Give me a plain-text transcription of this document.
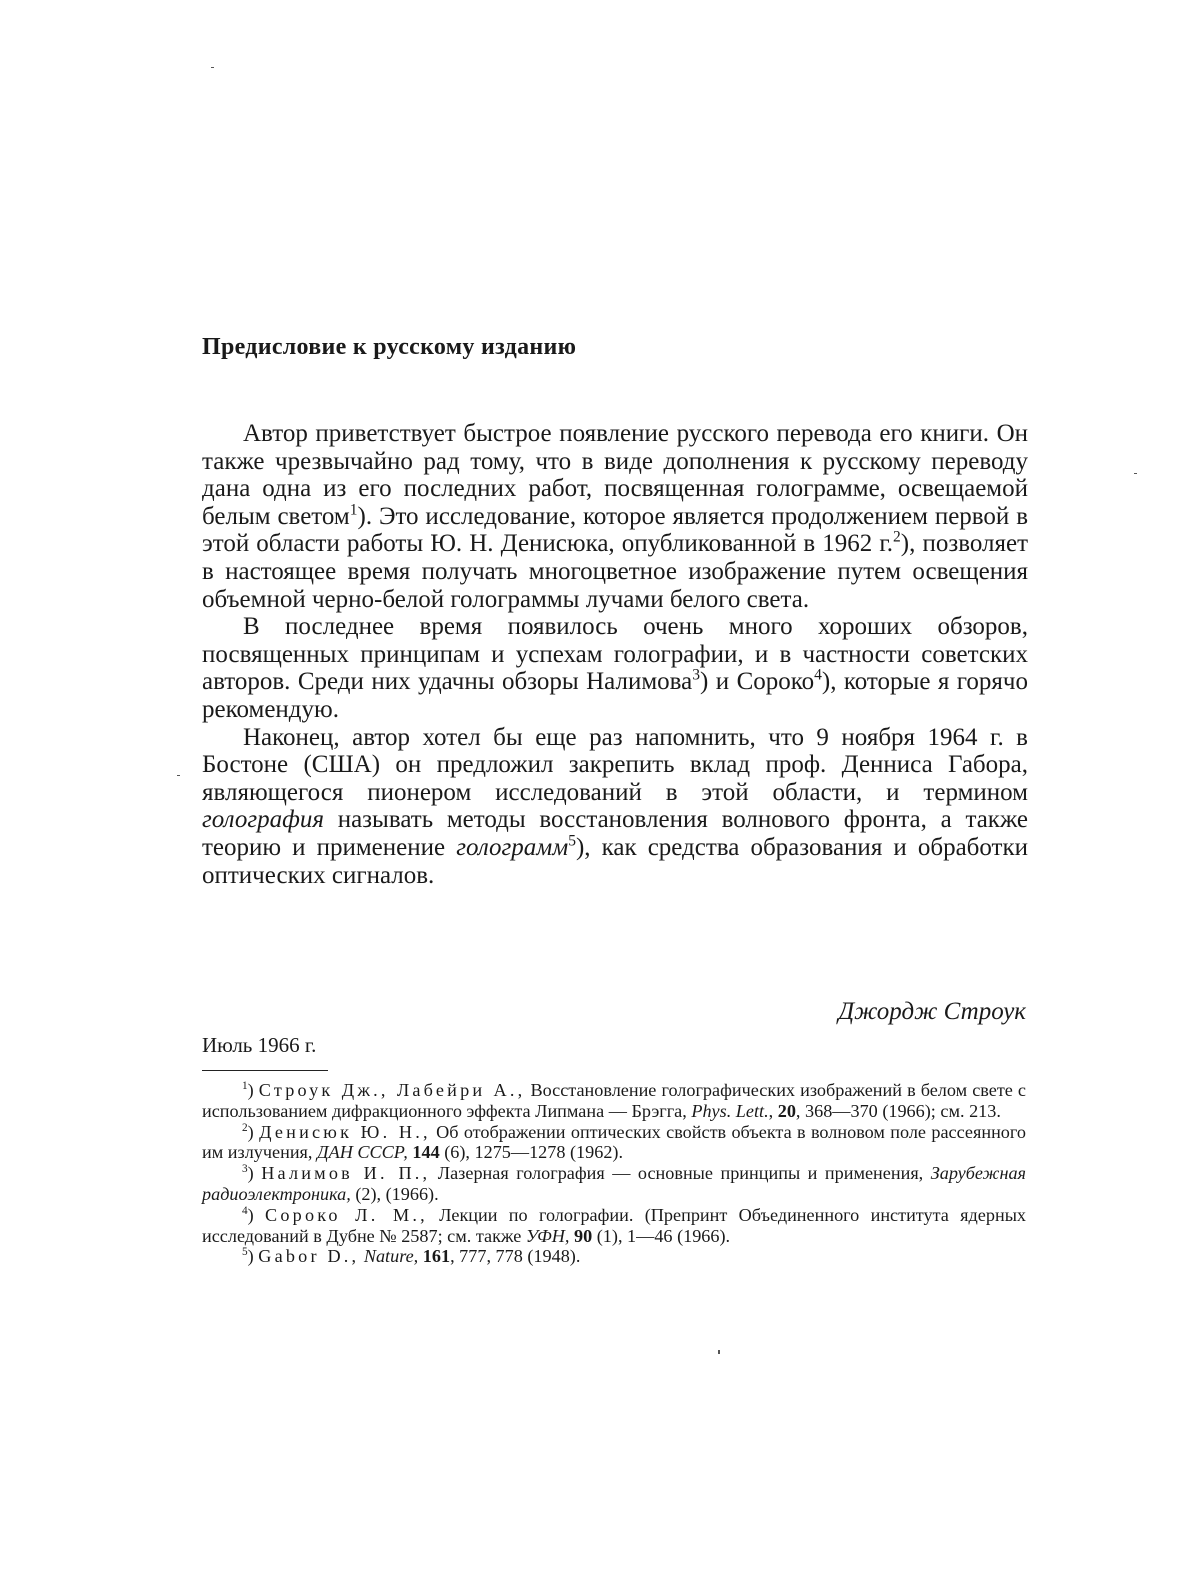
Предисловие к русскому изданию

Автор приветствует быстрое появление русского перевода его книги. Он также чрезвычайно рад тому, что в виде дополнения к русскому переводу дана одна из его последних работ, посвященная голограмме, освещаемой белым светом$^1$). Это исследование, которое является продолжением первой в этой области работы Ю. Н. Денисюка, опубликованной в 1962 г.$^2$), позволяет в настоящее время получать многоцветное изображение путем освещения объемной черно-белой голограммы лучами белого света.

В последнее время появилось очень много хороших обзоров, посвященных принципам и успехам голографии, и в частности советских авторов. Среди них удачны обзоры Налимова$^3$) и Сороко$^4$), которые я горячо рекомендую.

Наконец, автор хотел бы еще раз напомнить, что 9 ноября 1964 г. в Бостоне (США) он предложил закрепить вклад проф. Денниса Габора, являющегося пионером исследований в этой области, и термином голография называть методы восстановления волнового фронта, а также теорию и применение голограмм$^5$), как средства образования и обработки оптических сигналов.

Джордж Строук
Июль 1966 г.

$^1$) Строук Дж., Лабейри А., Восстановление голографических изображений в белом свете с использованием дифракционного эффекта Липмана — Брэгга, Phys. Lett., 20, 368—370 (1966); см. 213.

$^2$) Денисюк Ю. Н., Об отображении оптических свойств объекта в волновом поле рассеянного им излучения, ДАН СССР, 144 (6), 1275—1278 (1962).

$^3$) Налимов И. П., Лазерная голография — основные принципы и применения, Зарубежная радиоэлектроника, (2), (1966).

$^4$) Сороко Л. М., Лекции по голографии. (Препринт Объединенного института ядерных исследований в Дубне № 2587; см. также УФН, 90 (1), 1—46 (1966).

$^5$) Gabor D., Nature, 161, 777, 778 (1948).
